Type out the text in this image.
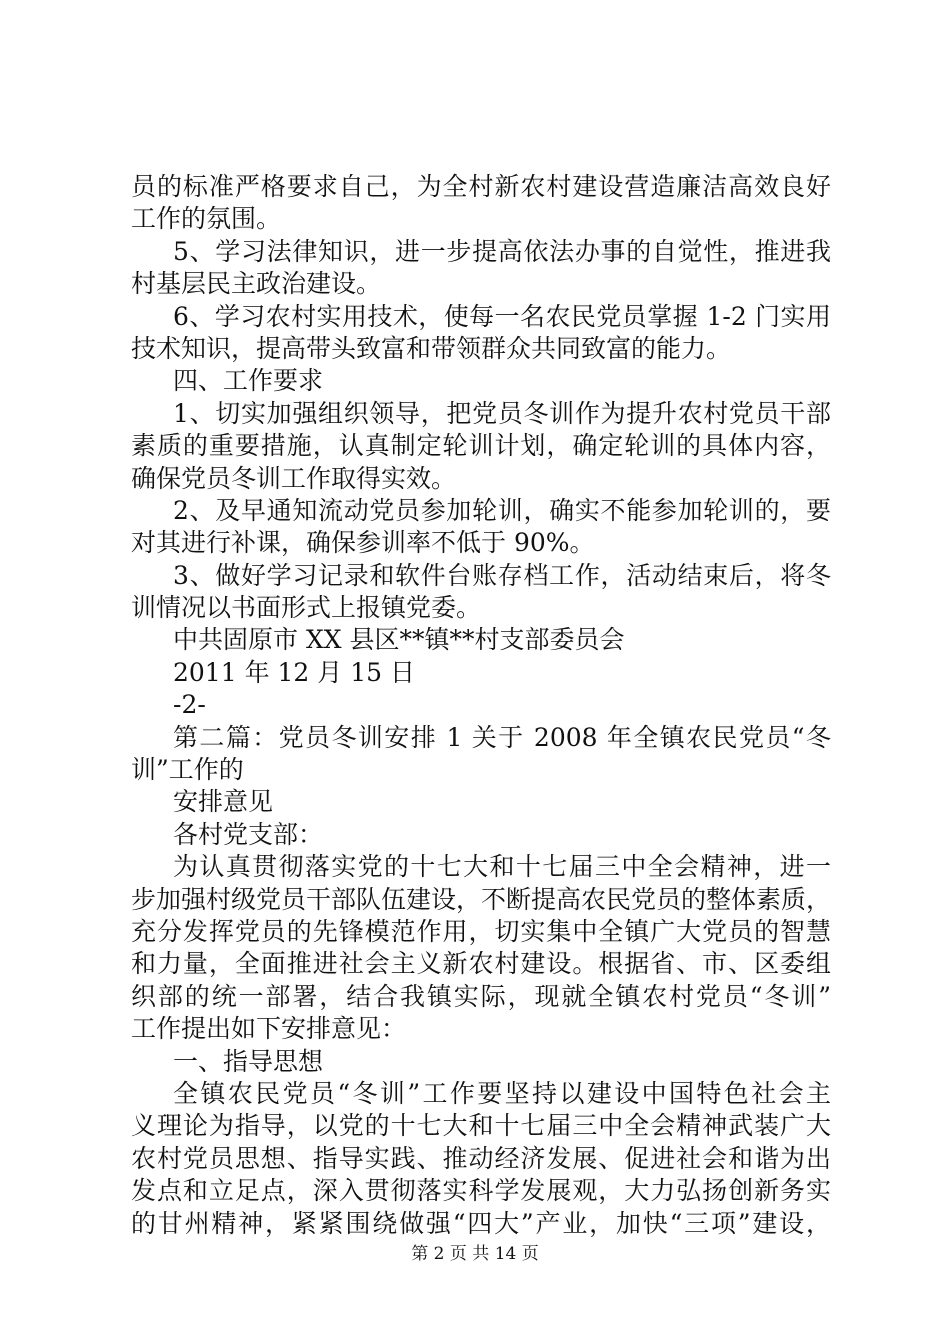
员的标准严格要求自己，为全村新农村建设营造廉洁高效良好
工作的氛围。
5、学习法律知识，进一步提高依法办事的自觉性，推进我
村基层民主政治建设。
6、学习农村实用技术，使每一名农民党员掌握 1-2 门实用
技术知识，提高带头致富和带领群众共同致富的能力。
四、工作要求
1、切实加强组织领导，把党员冬训作为提升农村党员干部
素质的重要措施，认真制定轮训计划，确定轮训的具体内容，
确保党员冬训工作取得实效。
2、及早通知流动党员参加轮训，确实不能参加轮训的，要
对其进行补课，确保参训率不低于 90%。
3、做好学习记录和软件台账存档工作，活动结束后，将冬
训情况以书面形式上报镇党委。
中共固原市 XX 县区**镇**村支部委员会
2011 年 12 月 15 日
-2-
第二篇：党员冬训安排 1 关于 2008 年全镇农民党员“冬
训”工作的
安排意见
各村党支部：
为认真贯彻落实党的十七大和十七届三中全会精神，进一
步加强村级党员干部队伍建设，不断提高农民党员的整体素质，
充分发挥党员的先锋模范作用，切实集中全镇广大党员的智慧
和力量，全面推进社会主义新农村建设。根据省、市、区委组
织部的统一部署，结合我镇实际，现就全镇农村党员“冬训”
工作提出如下安排意见：
一、指导思想
全镇农民党员“冬训”工作要坚持以建设中国特色社会主
义理论为指导，以党的十七大和十七届三中全会精神武装广大
农村党员思想、指导实践、推动经济发展、促进社会和谐为出
发点和立足点，深入贯彻落实科学发展观，大力弘扬创新务实
的甘州精神，紧紧围绕做强“四大”产业，加快“三项”建设，
第 2 页 共 14 页
